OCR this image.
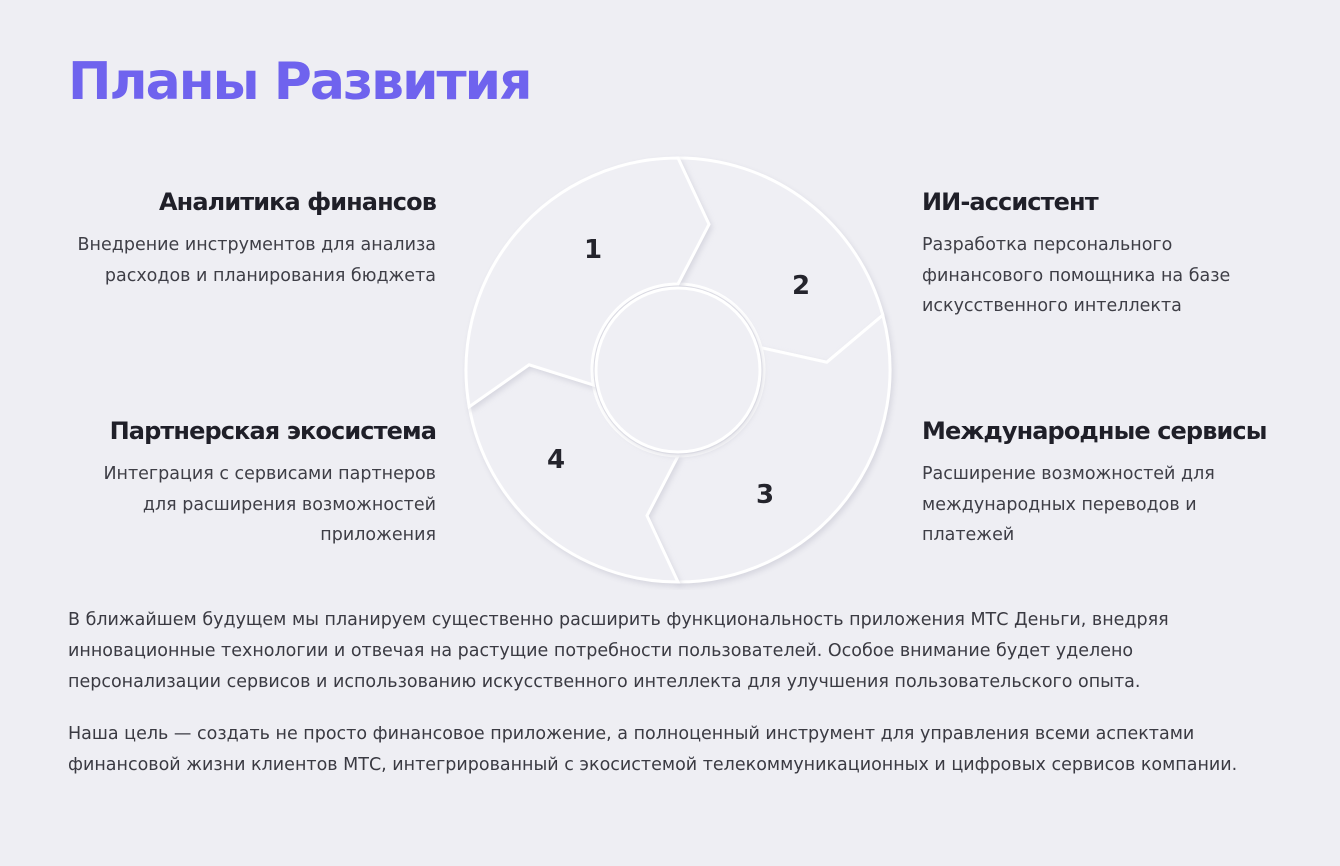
Планы Развития
Аналитика финансов

Внедрение инструментов для анализа расходов и планирования бюджета

ИИ-ассистент

Разработка персонального финансового помощника на базе искусственного интеллекта

Партнерская экосистема

Интеграция с сервисами партнеров для расширения возможностей приложения

Международные сервисы

Расширение возможностей для международных переводов и платежей

1
2
3
4

В ближайшем будущем мы планируем существенно расширить функциональность приложения МТС Деньги, внедряя инновационные технологии и отвечая на растущие потребности пользователей. Особое внимание будет уделено персонализации сервисов и использованию искусственного интеллекта для улучшения пользовательского опыта.

Наша цель — создать не просто финансовое приложение, а полноценный инструмент для управления всеми аспектами финансовой жизни клиентов МТС, интегрированный с экосистемой телекоммуникационных и цифровых сервисов компании.
